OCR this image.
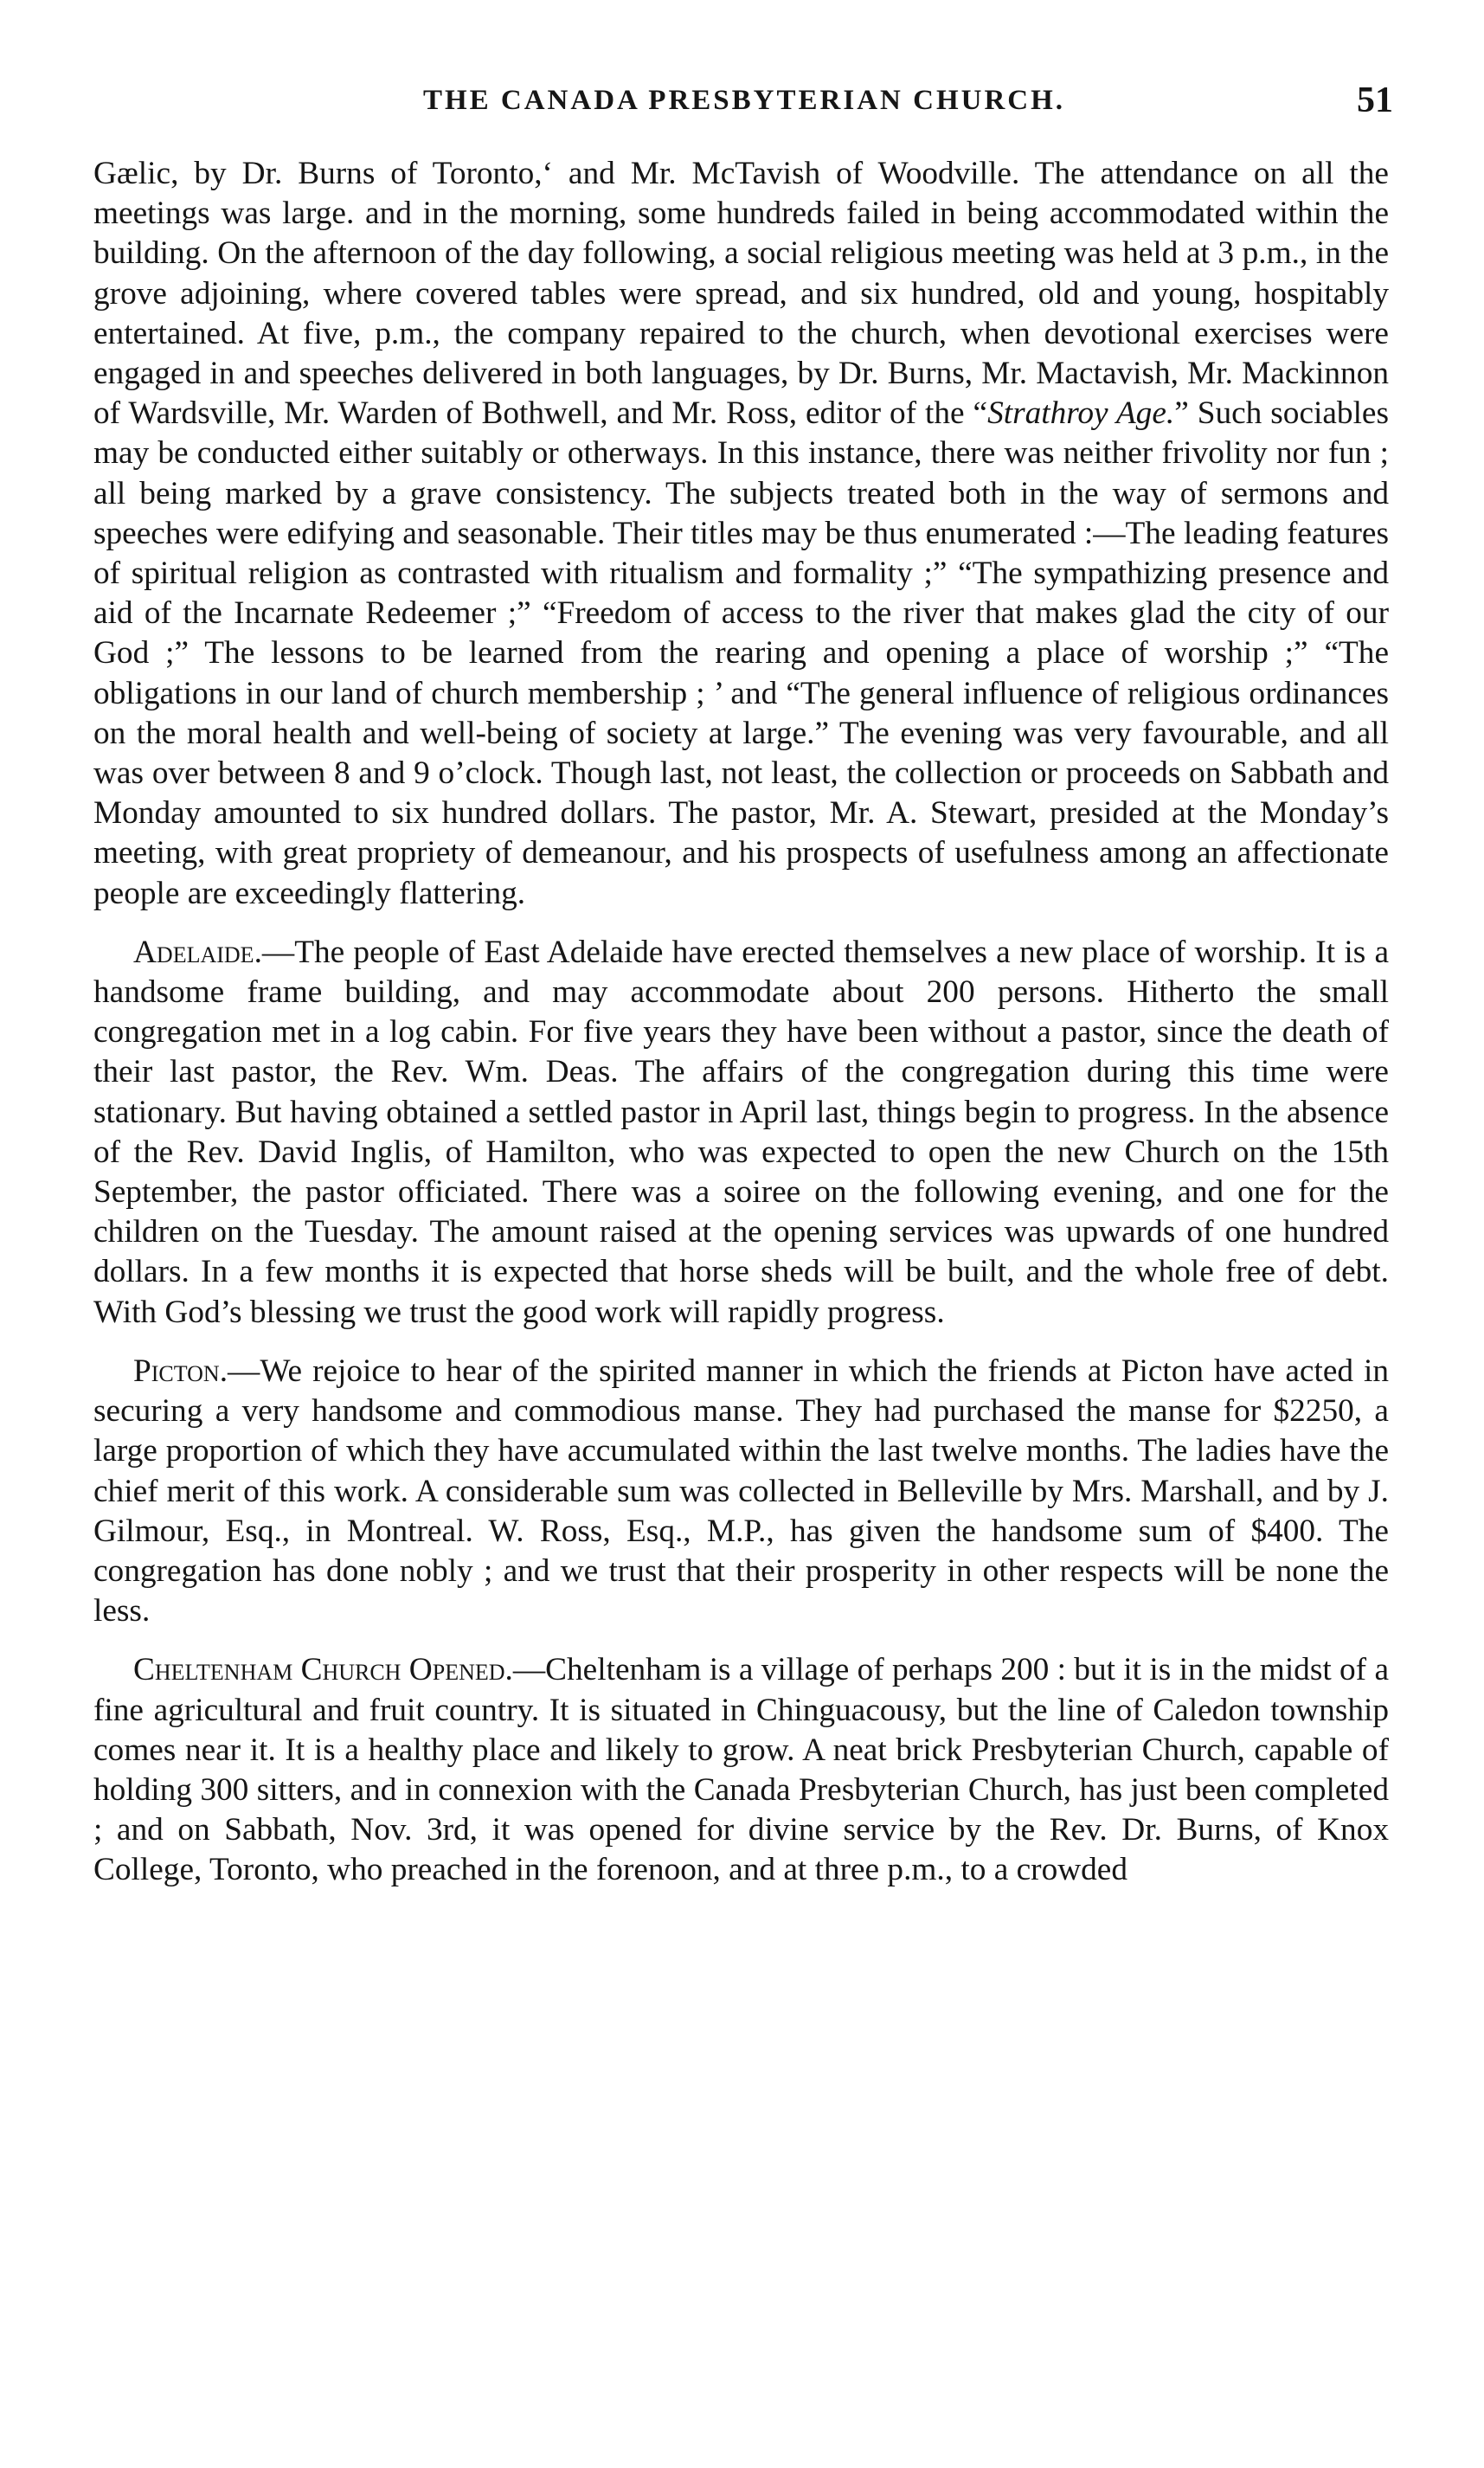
THE CANADA PRESBYTERIAN CHURCH.	51

Gælic, by Dr. Burns of Toronto,‘ and Mr. McTavish of Woodville. The attendance on all the meetings was large. and in the morning, some hundreds failed in being accommodated within the building. On the afternoon of the day following, a social religious meeting was held at 3 p.m., in the grove adjoining, where covered tables were spread, and six hundred, old and young, hospitably entertained. At five, p.m., the company repaired to the church, when devotional exercises were engaged in and speeches delivered in both languages, by Dr. Burns, Mr. Mactavish, Mr. Mackinnon of Wardsville, Mr. Warden of Bothwell, and Mr. Ross, editor of the “Strathroy Age.” Such sociables may be conducted either suitably or otherways. In this instance, there was neither frivolity nor fun ; all being marked by a grave consistency. The subjects treated both in the way of sermons and speeches were edifying and seasonable. Their titles may be thus enumerated :—The leading features of spiritual religion as contrasted with ritualism and formality ;” “The sympathizing presence and aid of the Incarnate Redeemer ;” “Freedom of access to the river that makes glad the city of our God ;” The lessons to be learned from the rearing and opening a place of worship ;” “The obligations in our land of church membership ; ’ and “The general influence of religious ordinances on the moral health and well-being of society at large.” The evening was very favourable, and all was over between 8 and 9 o’clock. Though last, not least, the collection or proceeds on Sabbath and Monday amounted to six hundred dollars. The pastor, Mr. A. Stewart, presided at the Monday’s meeting, with great propriety of demeanour, and his prospects of usefulness among an affectionate people are exceedingly flattering.

Adelaide.—The people of East Adelaide have erected themselves a new place of worship. It is a handsome frame building, and may accommodate about 200 persons. Hitherto the small congregation met in a log cabin. For five years they have been without a pastor, since the death of their last pastor, the Rev. Wm. Deas. The affairs of the congregation during this time were stationary. But having obtained a settled pastor in April last, things begin to progress. In the absence of the Rev. David Inglis, of Hamilton, who was expected to open the new Church on the 15th September, the pastor officiated. There was a soiree on the following evening, and one for the children on the Tuesday. The amount raised at the opening services was upwards of one hundred dollars. In a few months it is expected that horse sheds will be built, and the whole free of debt. With God’s blessing we trust the good work will rapidly progress.

Picton.—We rejoice to hear of the spirited manner in which the friends at Picton have acted in securing a very handsome and commodious manse. They had purchased the manse for $2250, a large proportion of which they have accumulated within the last twelve months. The ladies have the chief merit of this work. A considerable sum was collected in Belleville by Mrs. Marshall, and by J. Gilmour, Esq., in Montreal. W. Ross, Esq., M.P., has given the handsome sum of $400. The congregation has done nobly ; and we trust that their prosperity in other respects will be none the less.

Cheltenham Church Opened.—Cheltenham is a village of perhaps 200 : but it is in the midst of a fine agricultural and fruit country. It is situated in Chinguacousy, but the line of Caledon township comes near it. It is a healthy place and likely to grow. A neat brick Presbyterian Church, capable of holding 300 sitters, and in connexion with the Canada Presbyterian Church, has just been completed ; and on Sabbath, Nov. 3rd, it was opened for divine service by the Rev. Dr. Burns, of Knox College, Toronto, who preached in the forenoon, and at three p.m., to a crowded
